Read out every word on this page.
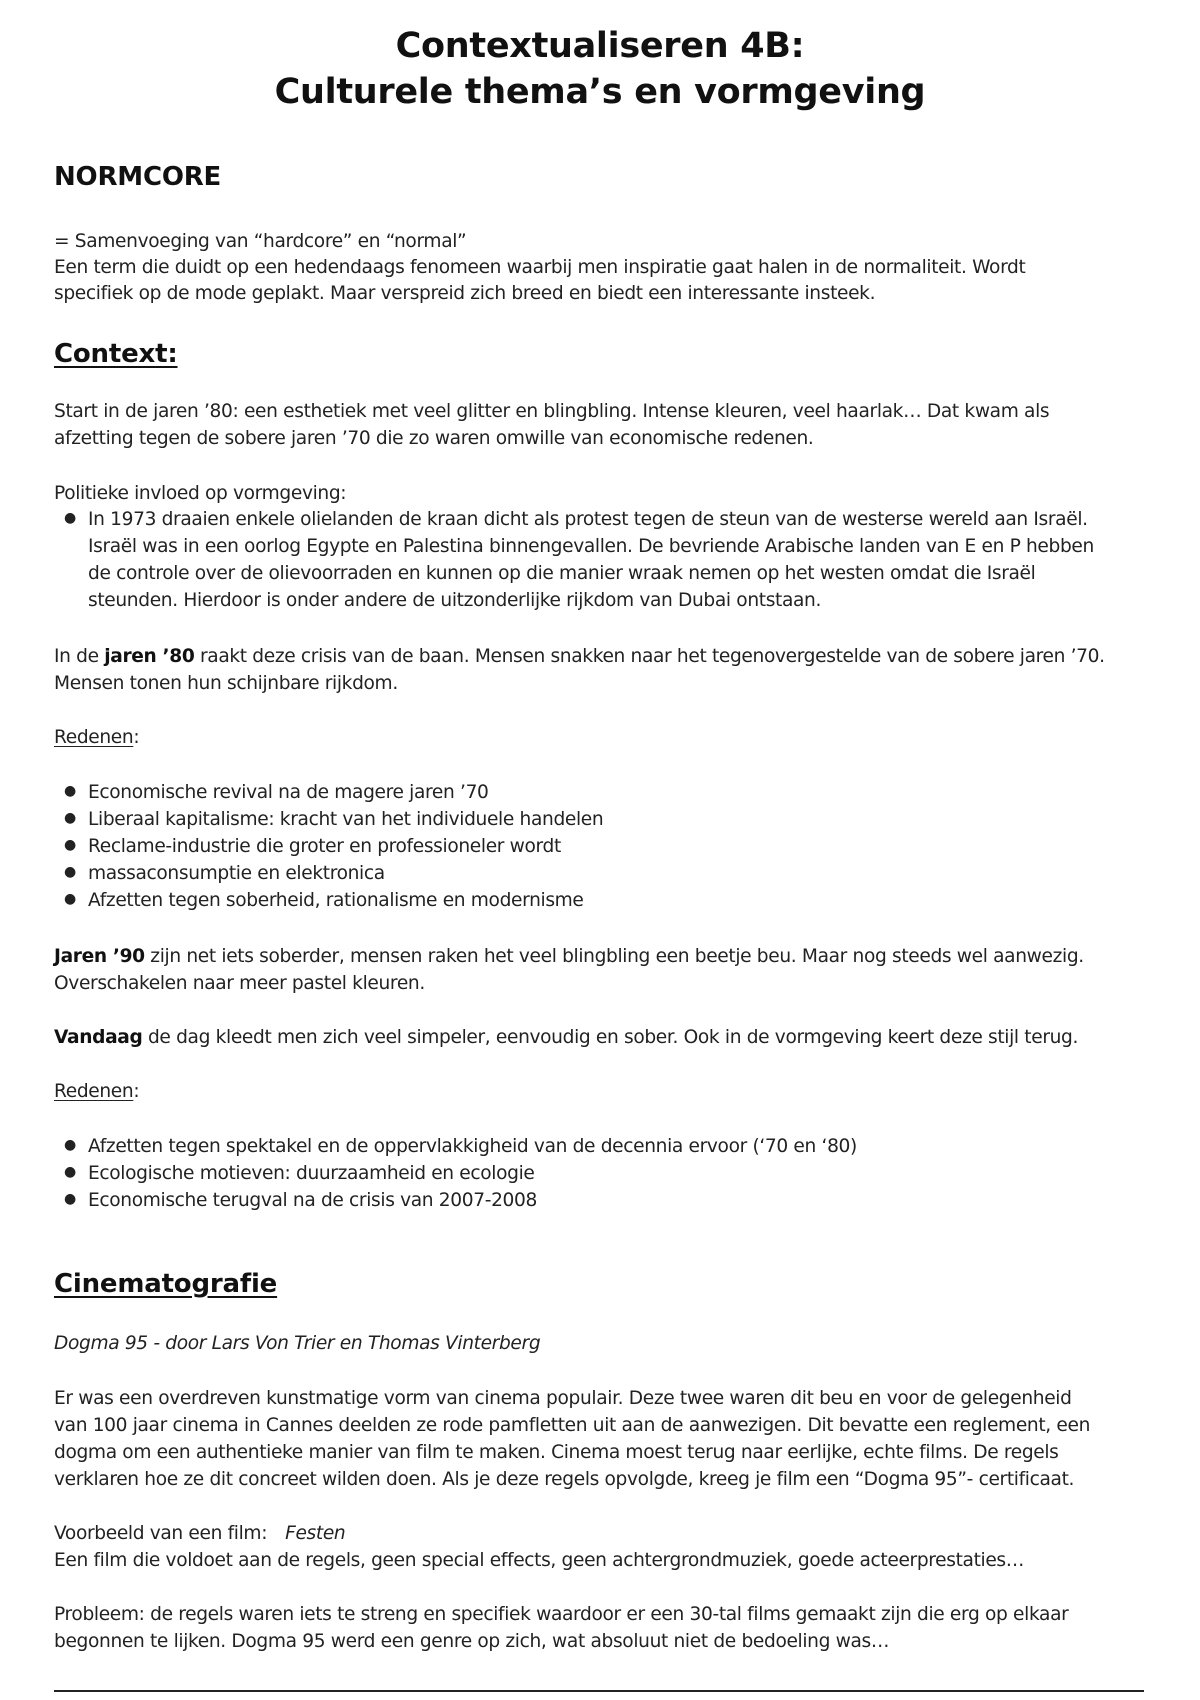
Contextualiseren 4B:
Culturele thema’s en vormgeving
NORMCORE
= Samenvoeging van “hardcore” en “normal”
Een term die duidt op een hedendaags fenomeen waarbij men inspiratie gaat halen in de normaliteit. Wordt
specifiek op de mode geplakt. Maar verspreid zich breed en biedt een interessante insteek.
Context:
Start in de jaren ’80: een esthetiek met veel glitter en blingbling. Intense kleuren, veel haarlak… Dat kwam als
afzetting tegen de sobere jaren ’70 die zo waren omwille van economische redenen.
Politieke invloed op vormgeving:
● In 1973 draaien enkele olielanden de kraan dicht als protest tegen de steun van de westerse wereld aan Israël.
Israël was in een oorlog Egypte en Palestina binnengevallen. De bevriende Arabische landen van E en P hebben
de controle over de olievoorraden en kunnen op die manier wraak nemen op het westen omdat die Israël
steunden. Hierdoor is onder andere de uitzonderlijke rijkdom van Dubai ontstaan.
In de jaren ’80 raakt deze crisis van de baan. Mensen snakken naar het tegenovergestelde van de sobere jaren ’70.
Mensen tonen hun schijnbare rijkdom.
Redenen:
● Economische revival na de magere jaren ’70
● Liberaal kapitalisme: kracht van het individuele handelen
● Reclame-industrie die groter en professioneler wordt
● massaconsumptie en elektronica
● Afzetten tegen soberheid, rationalisme en modernisme
Jaren ’90 zijn net iets soberder, mensen raken het veel blingbling een beetje beu. Maar nog steeds wel aanwezig.
Overschakelen naar meer pastel kleuren.
Vandaag de dag kleedt men zich veel simpeler, eenvoudig en sober. Ook in de vormgeving keert deze stijl terug.
Redenen:
● Afzetten tegen spektakel en de oppervlakkigheid van de decennia ervoor (‘70 en ‘80)
● Ecologische motieven: duurzaamheid en ecologie
● Economische terugval na de crisis van 2007-2008
Cinematografie
Dogma 95 - door Lars Von Trier en Thomas Vinterberg
Er was een overdreven kunstmatige vorm van cinema populair. Deze twee waren dit beu en voor de gelegenheid
van 100 jaar cinema in Cannes deelden ze rode pamfletten uit aan de aanwezigen. Dit bevatte een reglement, een
dogma om een authentieke manier van film te maken. Cinema moest terug naar eerlijke, echte films. De regels
verklaren hoe ze dit concreet wilden doen. Als je deze regels opvolgde, kreeg je film een “Dogma 95”- certificaat.
Voorbeeld van een film: Festen
Een film die voldoet aan de regels, geen special effects, geen achtergrondmuziek, goede acteerprestaties…
Probleem: de regels waren iets te streng en specifiek waardoor er een 30-tal films gemaakt zijn die erg op elkaar
begonnen te lijken. Dogma 95 werd een genre op zich, wat absoluut niet de bedoeling was…
